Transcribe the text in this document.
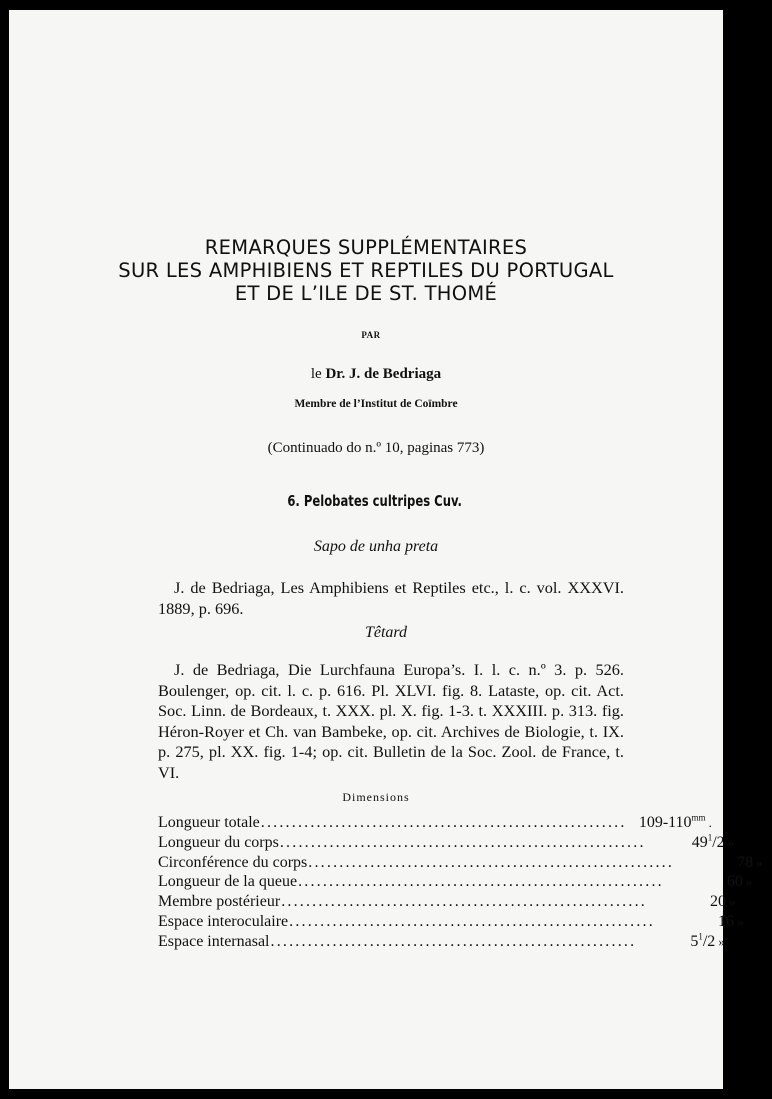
REMARQUES SUPPLÉMENTAIRES
SUR LES AMPHIBIENS ET REPTILES DU PORTUGAL
ET DE L’ILE DE ST. THOMÉ
PAR
le Dr. J. de Bedriaga
Membre de l’Institut de Coïmbre
(Continuado do n.º 10, paginas 773)
6. Pelobates cultripes Cuv.
Sapo de unha preta
J. de Bedriaga, Les Amphibiens et Reptiles etc., l. c. vol. XXXVI. 1889, p. 696.
Têtard
J. de Bedriaga, Die Lurchfauna Europa’s. I. l. c. n.º 3. p. 526. Boulenger, op. cit. l. c. p. 616. Pl. XLVI. fig. 8. Lataste, op. cit. Act. Soc. Linn. de Bordeaux, t. XXX. pl. X. fig. 1-3. t. XXXIII. p. 313. fig. Héron-Royer et Ch. van Bambeke, op. cit. Archives de Biologie, t. IX. p. 275, pl. XX. fig. 1-4; op. cit. Bulletin de la Soc. Zool. de France, t. VI.
Dimensions
Longueur totale ........................................................... $109-110^{mm}$ .
Longueur du corps ...........................................................	$49^1/2$ »
Circonférence du corps ...........................................................	78 »
Longueur de la queue ...........................................................	60 »
Membre postérieur ...........................................................	20 »
Espace interoculaire ...........................................................	16 »
Espace internasal ...........................................................	$5^1/2$ »
